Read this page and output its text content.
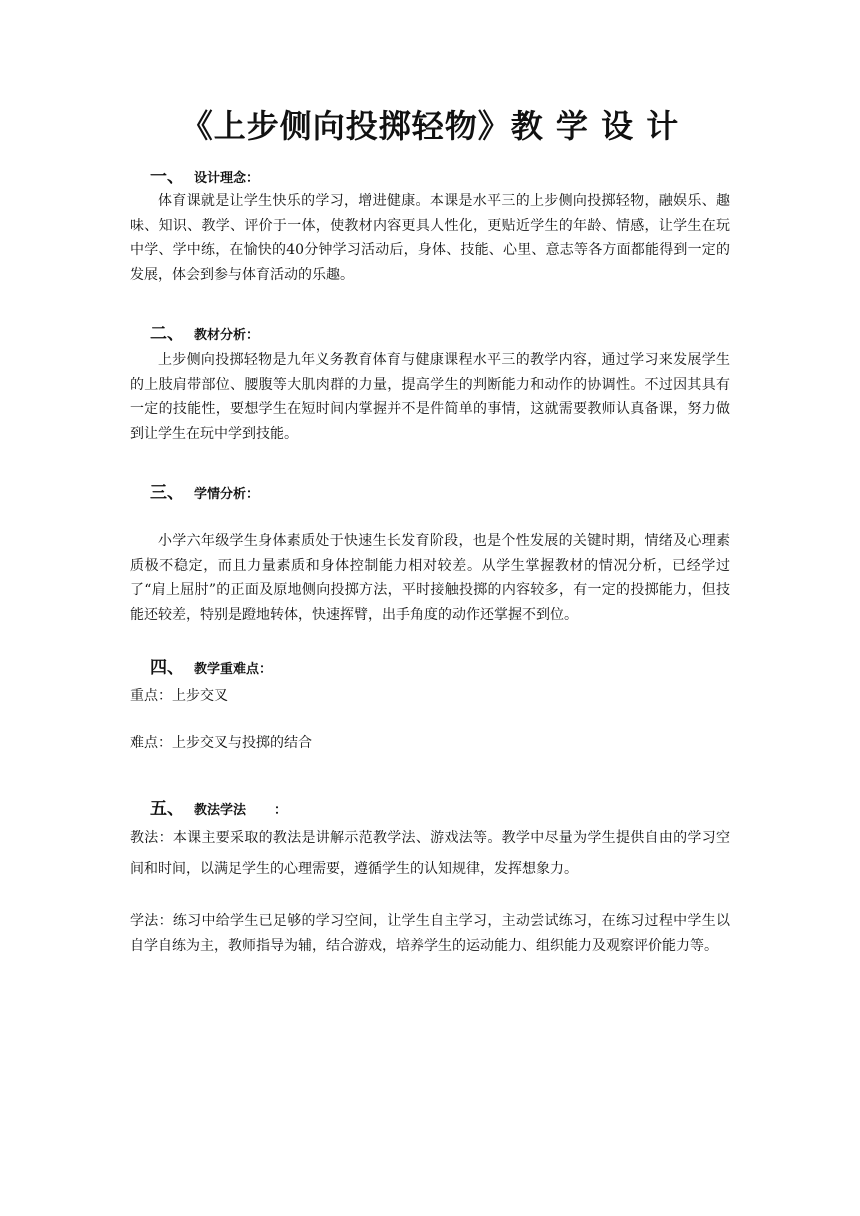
《上步侧向投掷轻物》教 学 设 计
一、 设计理念：
体育课就是让学生快乐的学习，增进健康。本课是水平三的上步侧向投掷轻物，融娱乐、趣味、知识、教学、评价于一体，使教材内容更具人性化，更贴近学生的年龄、情感，让学生在玩中学、学中练，在愉快的40分钟学习活动后，身体、技能、心里、意志等各方面都能得到一定的发展，体会到参与体育活动的乐趣。
二、 教材分析：
上步侧向投掷轻物是九年义务教育体育与健康课程水平三的教学内容，通过学习来发展学生的上肢肩带部位、腰腹等大肌肉群的力量，提高学生的判断能力和动作的协调性。不过因其具有一定的技能性，要想学生在短时间内掌握并不是件简单的事情，这就需要教师认真备课，努力做到让学生在玩中学到技能。
三、 学情分析：
小学六年级学生身体素质处于快速生长发育阶段，也是个性发展的关键时期，情绪及心理素质极不稳定，而且力量素质和身体控制能力相对较差。从学生掌握教材的情况分析，已经学过了“肩上屈肘”的正面及原地侧向投掷方法，平时接触投掷的内容较多，有一定的投掷能力，但技能还较差，特别是蹬地转体，快速挥臂，出手角度的动作还掌握不到位。
四、 教学重难点：
重点：上步交叉
难点：上步交叉与投掷的结合
五、 教法学法 ：
教法：本课主要采取的教法是讲解示范教学法、游戏法等。教学中尽量为学生提供自由的学习空间和时间，以满足学生的心理需要，遵循学生的认知规律，发挥想象力。
学法：练习中给学生已足够的学习空间，让学生自主学习，主动尝试练习，在练习过程中学生以自学自练为主，教师指导为辅，结合游戏，培养学生的运动能力、组织能力及观察评价能力等。
